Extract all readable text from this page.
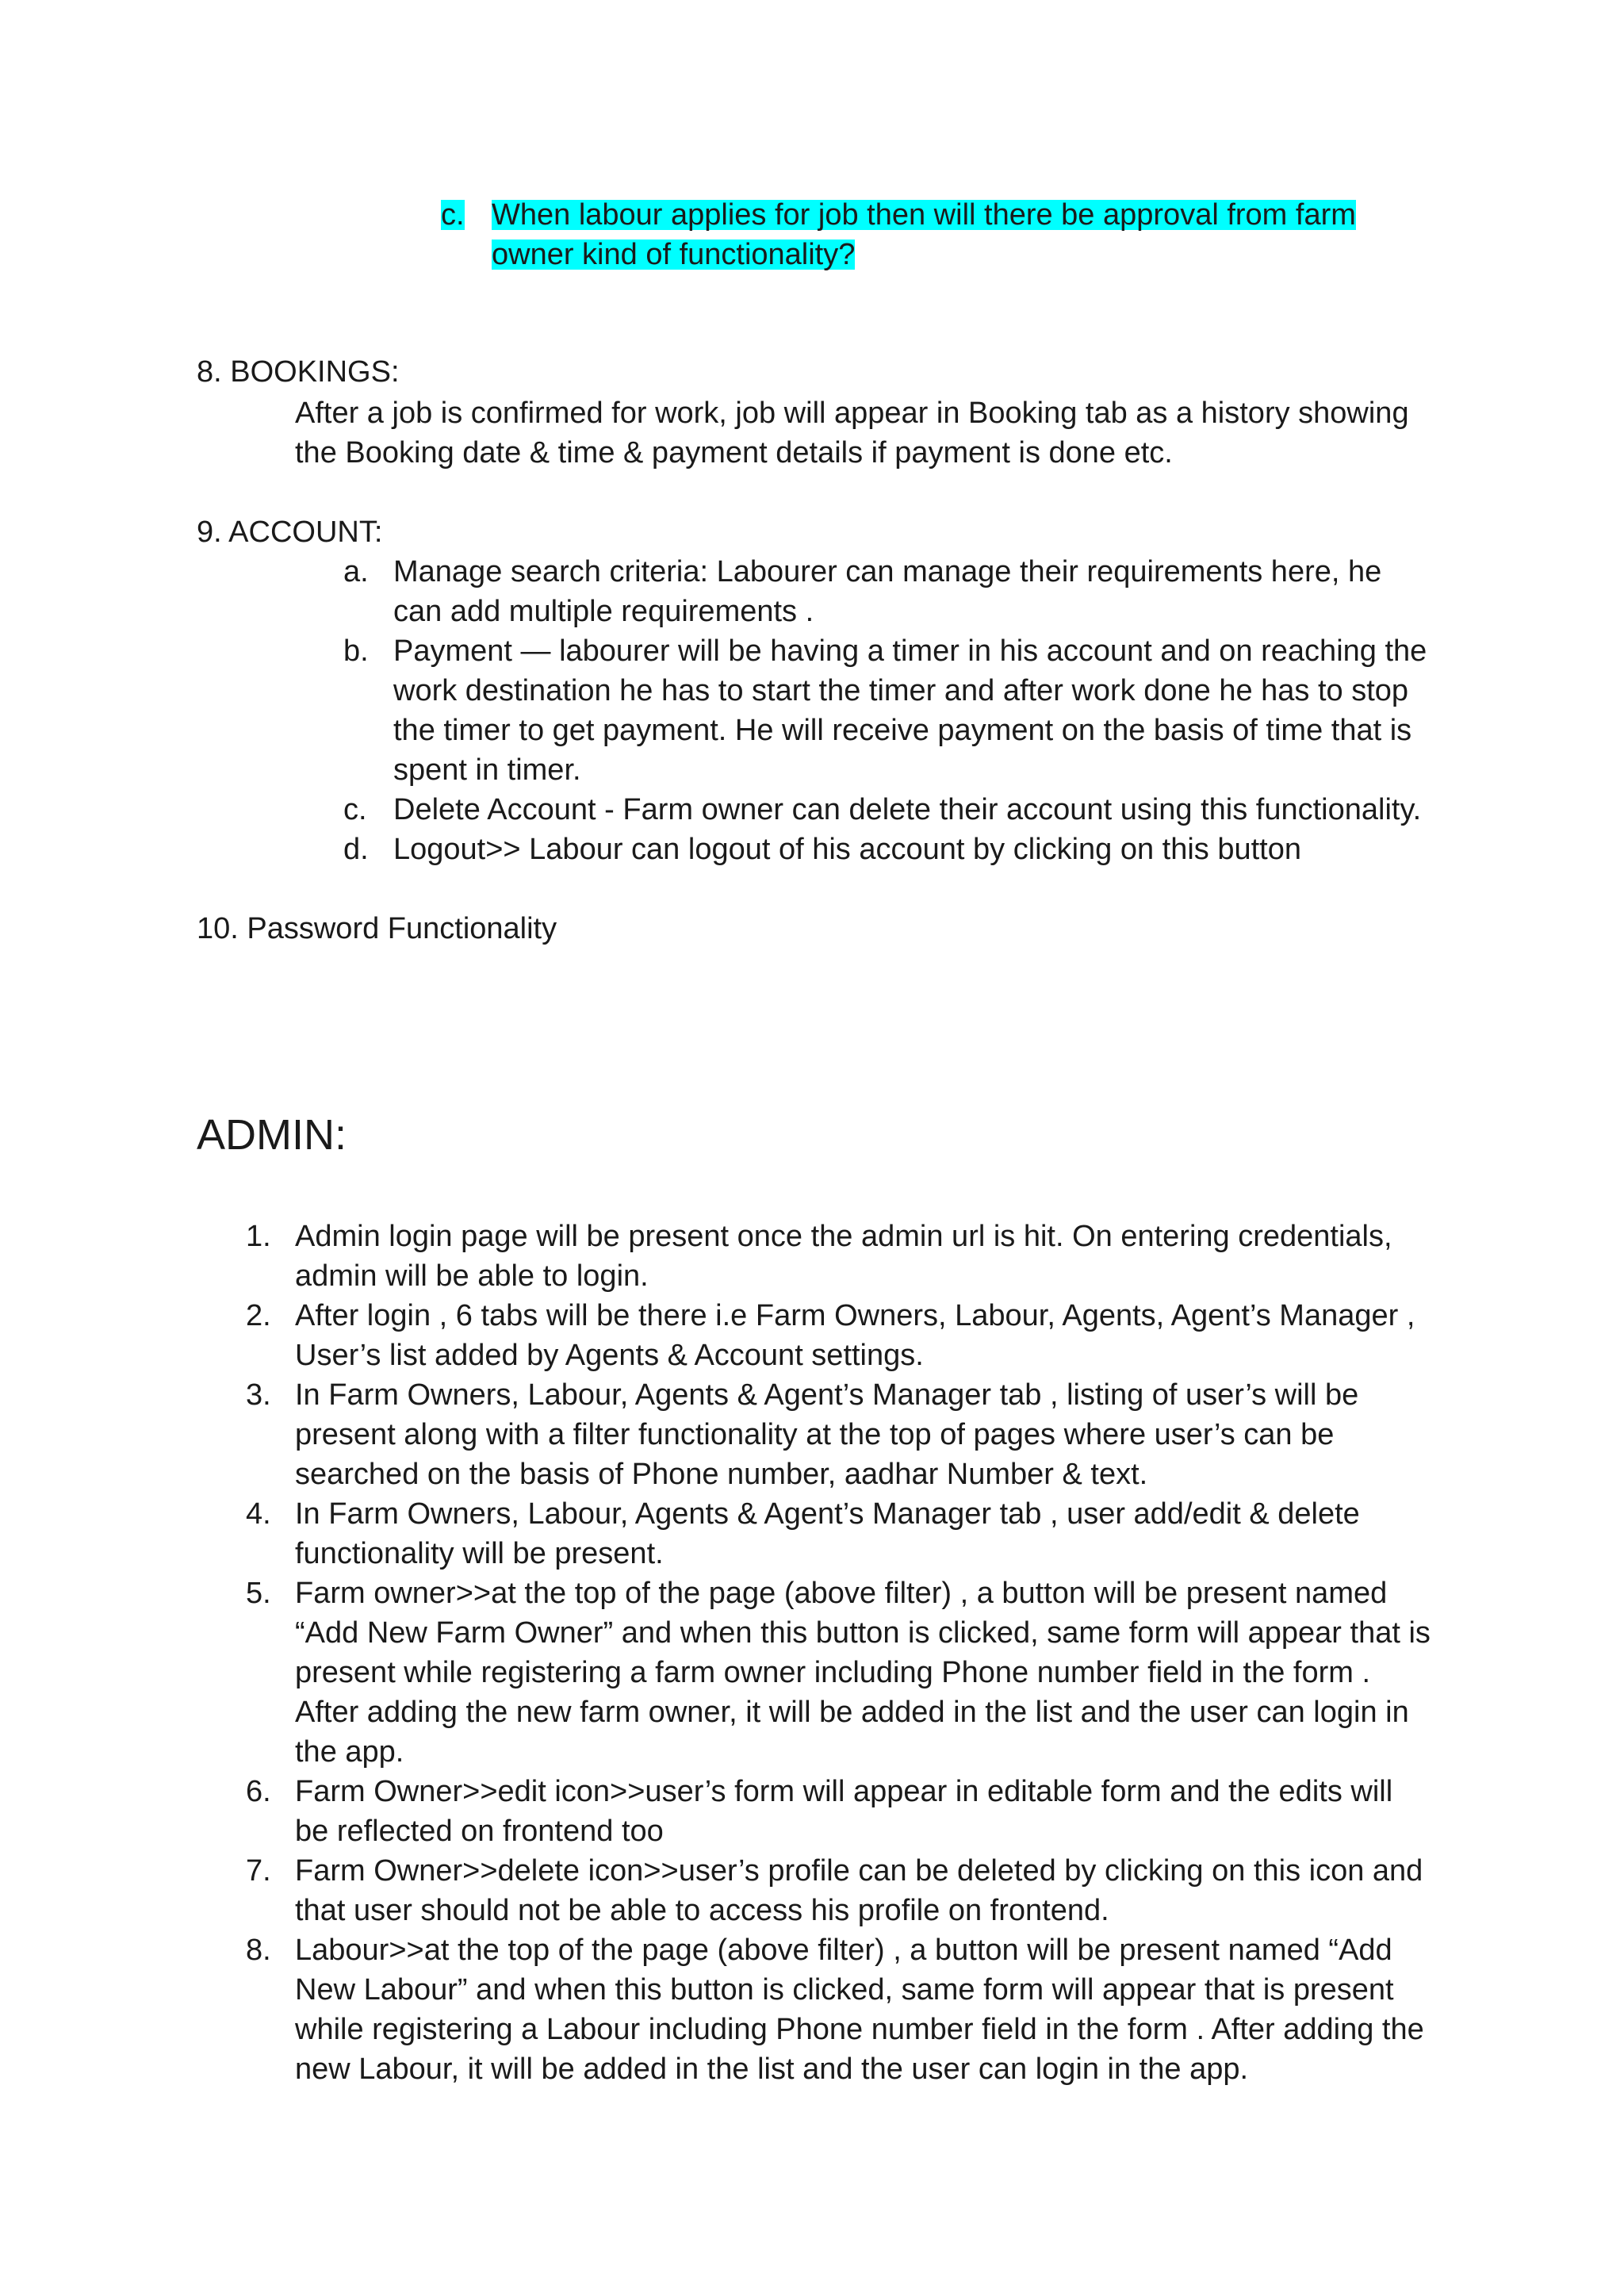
c. When labour applies for job then will there be approval from farm
owner kind of functionality?
8. BOOKINGS:
After a job is confirmed for work, job will appear in Booking tab as a history showing
the Booking date & time & payment details if payment is done etc.
9. ACCOUNT:
a. Manage search criteria: Labourer can manage their requirements here, he
can add multiple requirements .
b. Payment — labourer will be having a timer in his account and on reaching the
work destination he has to start the timer and after work done he has to stop
the timer to get payment. He will receive payment on the basis of time that is
spent in timer.
c. Delete Account - Farm owner can delete their account using this functionality.
d. Logout>> Labour can logout of his account by clicking on this button
10. Password Functionality
ADMIN:
1. Admin login page will be present once the admin url is hit. On entering credentials,
admin will be able to login.
2. After login , 6 tabs will be there i.e Farm Owners, Labour, Agents, Agent’s Manager ,
User’s list added by Agents & Account settings.
3. In Farm Owners, Labour, Agents & Agent’s Manager tab , listing of user’s will be
present along with a filter functionality at the top of pages where user’s can be
searched on the basis of Phone number, aadhar Number & text.
4. In Farm Owners, Labour, Agents & Agent’s Manager tab , user add/edit & delete
functionality will be present.
5. Farm owner>>at the top of the page (above filter) , a button will be present named
“Add New Farm Owner” and when this button is clicked, same form will appear that is
present while registering a farm owner including Phone number field in the form .
After adding the new farm owner, it will be added in the list and the user can login in
the app.
6. Farm Owner>>edit icon>>user’s form will appear in editable form and the edits will
be reflected on frontend too
7. Farm Owner>>delete icon>>user’s profile can be deleted by clicking on this icon and
that user should not be able to access his profile on frontend.
8. Labour>>at the top of the page (above filter) , a button will be present named “Add
New Labour” and when this button is clicked, same form will appear that is present
while registering a Labour including Phone number field in the form . After adding the
new Labour, it will be added in the list and the user can login in the app.
